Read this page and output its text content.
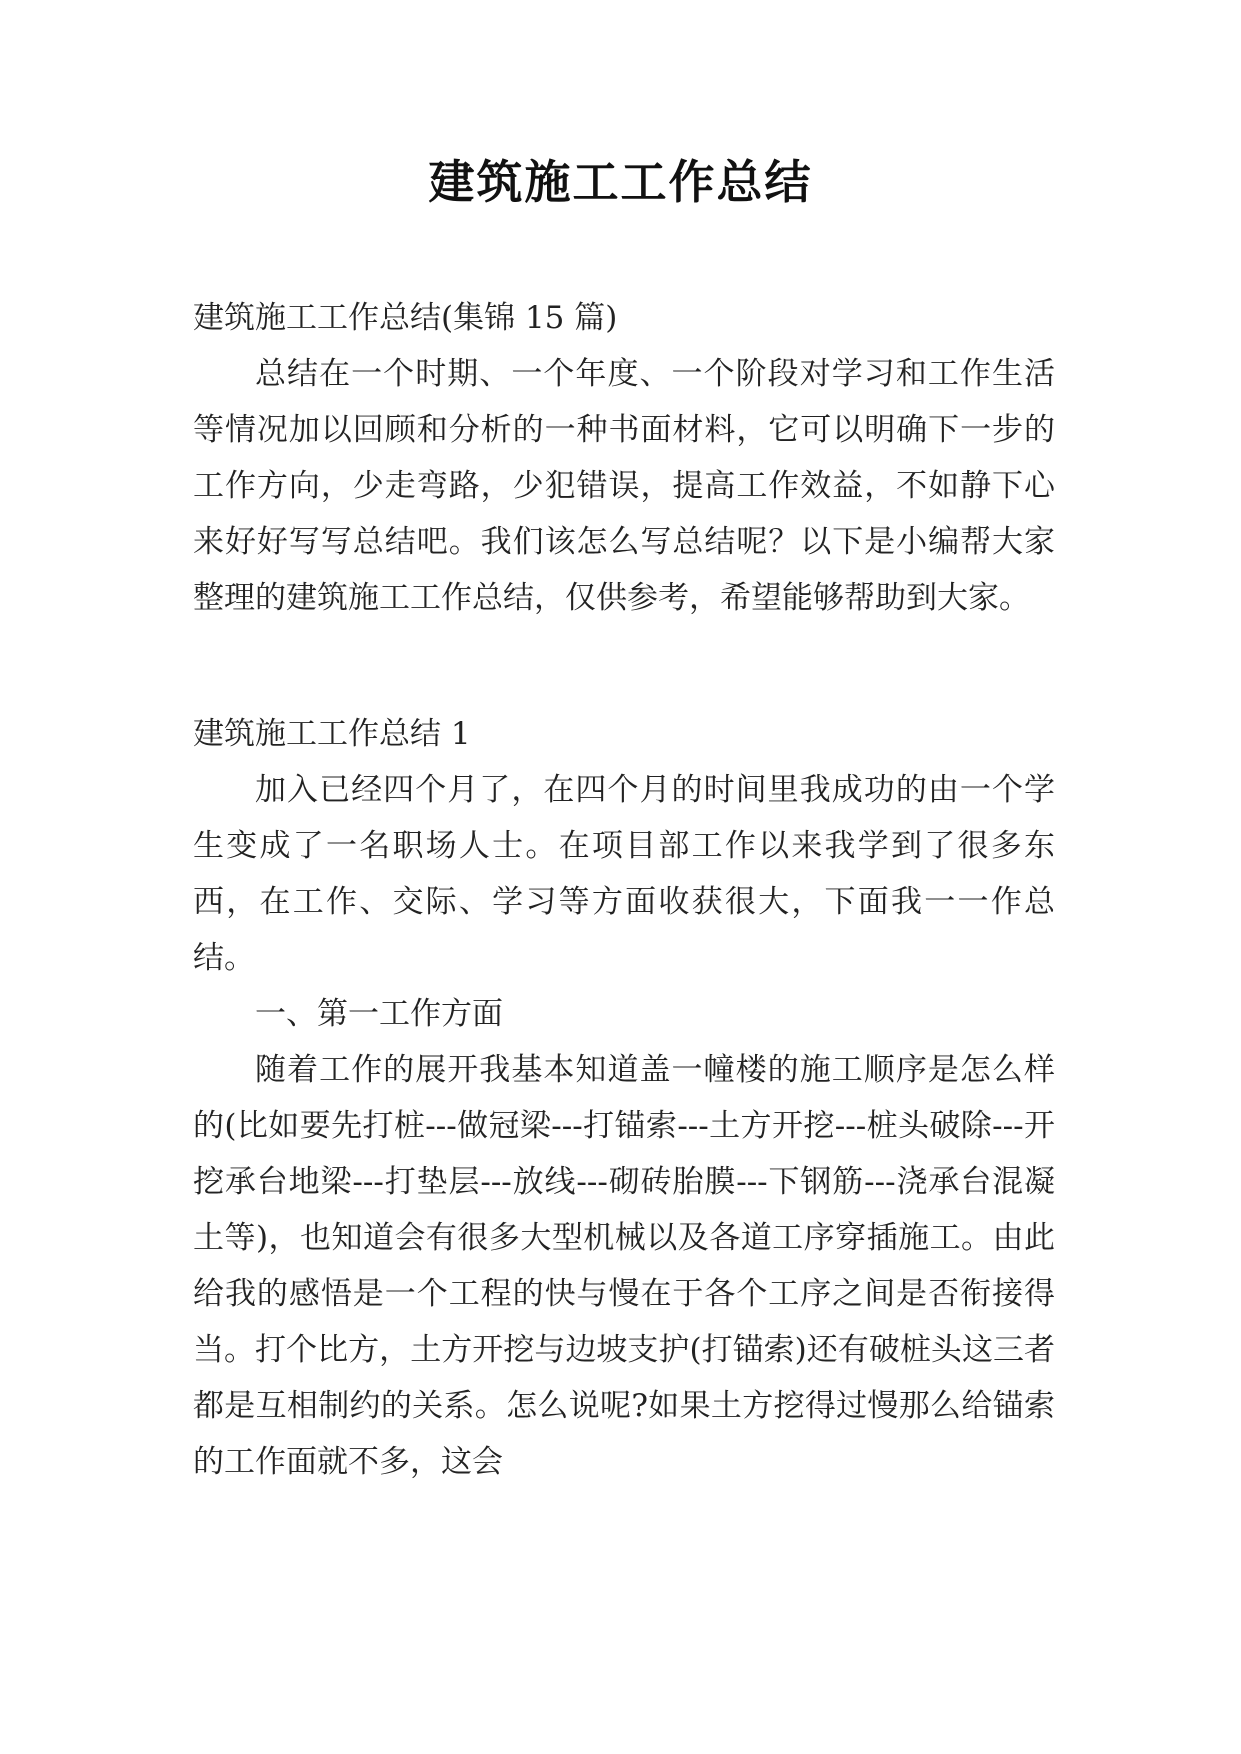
建筑施工工作总结

建筑施工工作总结(集锦 15 篇)

总结在一个时期、一个年度、一个阶段对学习和工作生活等情况加以回顾和分析的一种书面材料，它可以明确下一步的工作方向，少走弯路，少犯错误，提高工作效益，不如静下心来好好写写总结吧。我们该怎么写总结呢？以下是小编帮大家整理的建筑施工工作总结，仅供参考，希望能够帮助到大家。

建筑施工工作总结 1

加入已经四个月了，在四个月的时间里我成功的由一个学生变成了一名职场人士。在项目部工作以来我学到了很多东西，在工作、交际、学习等方面收获很大，下面我一一作总结。

一、第一工作方面

随着工作的展开我基本知道盖一幢楼的施工顺序是怎么样的(比如要先打桩---做冠梁---打锚索---土方开挖---桩头破除---开挖承台地梁---打垫层---放线---砌砖胎膜---下钢筋---浇承台混凝土等)，也知道会有很多大型机械以及各道工序穿插施工。由此给我的感悟是一个工程的快与慢在于各个工序之间是否衔接得当。打个比方，土方开挖与边坡支护(打锚索)还有破桩头这三者都是互相制约的关系。怎么说呢?如果土方挖得过慢那么给锚索的工作面就不多，这会
